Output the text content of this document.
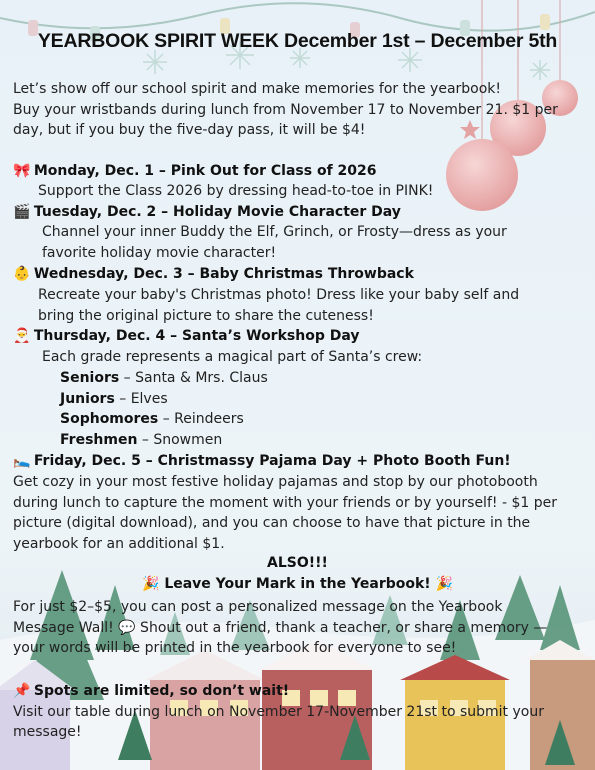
YEARBOOK SPIRIT WEEK December 1st – December 5th
Let’s show off our school spirit and make memories for the yearbook!
Buy your wristbands during lunch from November 17 to November 21. $1 per
day, but if you buy the five-day pass, it will be $4!
🎀 Monday, Dec. 1 – Pink Out for Class of 2026
Support the Class 2026 by dressing head-to-toe in PINK!
🎬 Tuesday, Dec. 2 – Holiday Movie Character Day
Channel your inner Buddy the Elf, Grinch, or Frosty—dress as your
favorite holiday movie character!
👶 Wednesday, Dec. 3 – Baby Christmas Throwback
Recreate your baby's Christmas photo! Dress like your baby self and
bring the original picture to share the cuteness!
🎅 Thursday, Dec. 4 – Santa’s Workshop Day
Each grade represents a magical part of Santa’s crew:
Seniors – Santa & Mrs. Claus
Juniors – Elves
Sophomores – Reindeers
Freshmen – Snowmen
🛌 Friday, Dec. 5 – Christmassy Pajama Day + Photo Booth Fun!
Get cozy in your most festive holiday pajamas and stop by our photobooth
during lunch to capture the moment with your friends or by yourself! - $1 per
picture (digital download), and you can choose to have that picture in the
yearbook for an additional $1.
ALSO!!!
🎉 Leave Your Mark in the Yearbook! 🎉
For just $2–$5, you can post a personalized message on the Yearbook
Message Wall! 💬 Shout out a friend, thank a teacher, or share a memory —
your words will be printed in the yearbook for everyone to see!
📌 Spots are limited, so don’t wait!
Visit our table during lunch on November 17-November 21st to submit your
message!
